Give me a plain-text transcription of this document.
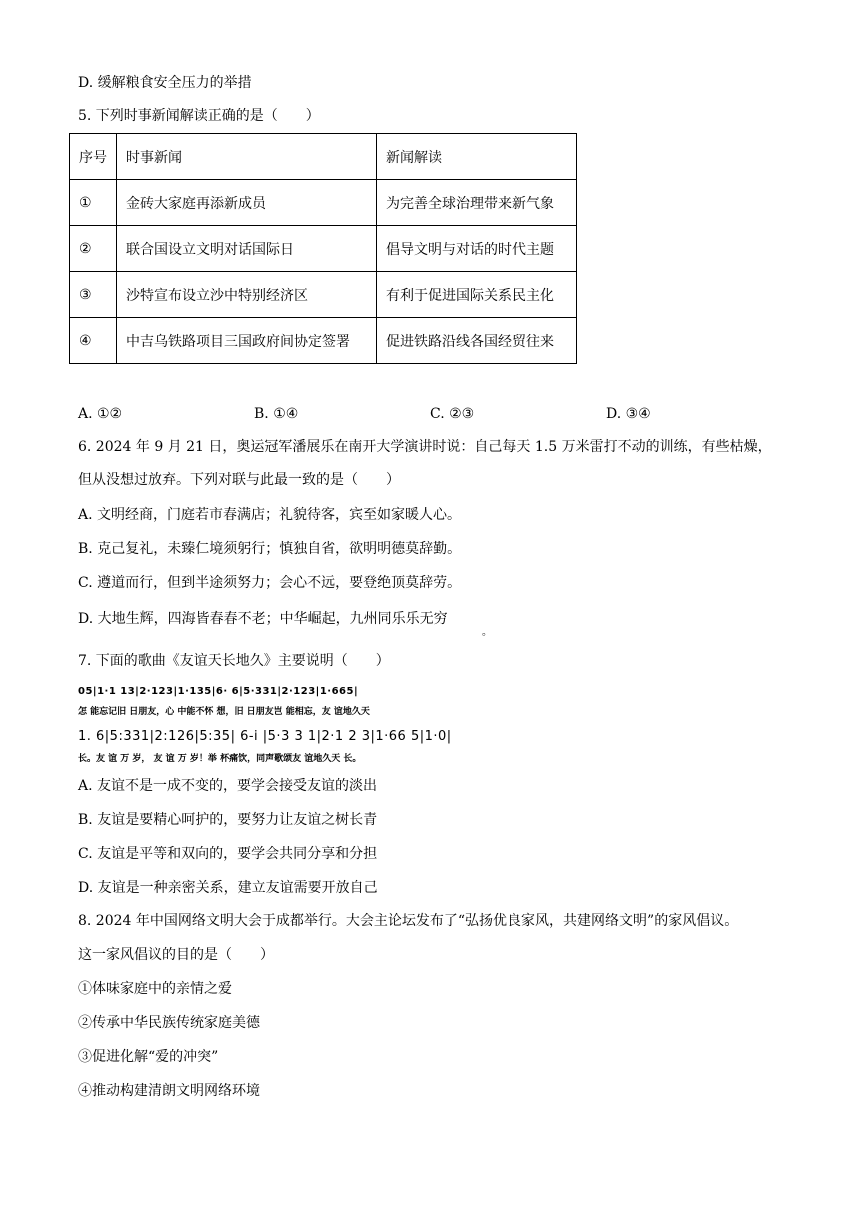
D. 缓解粮食安全压力的举措
5. 下列时事新闻解读正确的是（　　）
序号	时事新闻	新闻解读
①	金砖大家庭再添新成员	为完善全球治理带来新气象
②	联合国设立文明对话国际日	倡导文明与对话的时代主题
③	沙特宣布设立沙中特别经济区	有利于促进国际关系民主化
④	中吉乌铁路项目三国政府间协定签署	促进铁路沿线各国经贸往来
A. ①②	B. ①④	C. ②③	D. ③④
6. 2024 年 9 月 21 日，奥运冠军潘展乐在南开大学演讲时说：自己每天 1.5 万米雷打不动的训练，有些枯燥，
但从没想过放弃。下列对联与此最一致的是（　　）
A. 文明经商，门庭若市春满店；礼貌待客，宾至如家暖人心。
B. 克己复礼，未臻仁境须躬行；慎独自省，欲明明德莫辞勤。
C. 遵道而行，但到半途须努力；会心不远，要登绝顶莫辞劳。
D. 大地生辉，四海皆春春不老；中华崛起，九州同乐乐无穷
。
7. 下面的歌曲《友谊天长地久》主要说明（　　）
05|1·1 13|2·123|1·135|6· 6|5·331|2·123|1·665|
怎 能忘记旧 日朋友，心 中能不怀 想，旧 日朋友岂 能相忘，友 谊地久天
1. 6|5:331|2:126|5:35| 6-i |5·3 3 1|2·1 2 3|1·66 5|1·0|
长。友 谊 万 岁， 友 谊 万 岁！举 杯痛饮，同声歌颂友 谊地久天 长。
A. 友谊不是一成不变的，要学会接受友谊的淡出
B. 友谊是要精心呵护的，要努力让友谊之树长青
C. 友谊是平等和双向的，要学会共同分享和分担
D. 友谊是一种亲密关系，建立友谊需要开放自己
8. 2024 年中国网络文明大会于成都举行。大会主论坛发布了“弘扬优良家风，共建网络文明”的家风倡议。
这一家风倡议的目的是（　　）
①体味家庭中的亲情之爱
②传承中华民族传统家庭美德
③促进化解“爱的冲突”
④推动构建清朗文明网络环境
